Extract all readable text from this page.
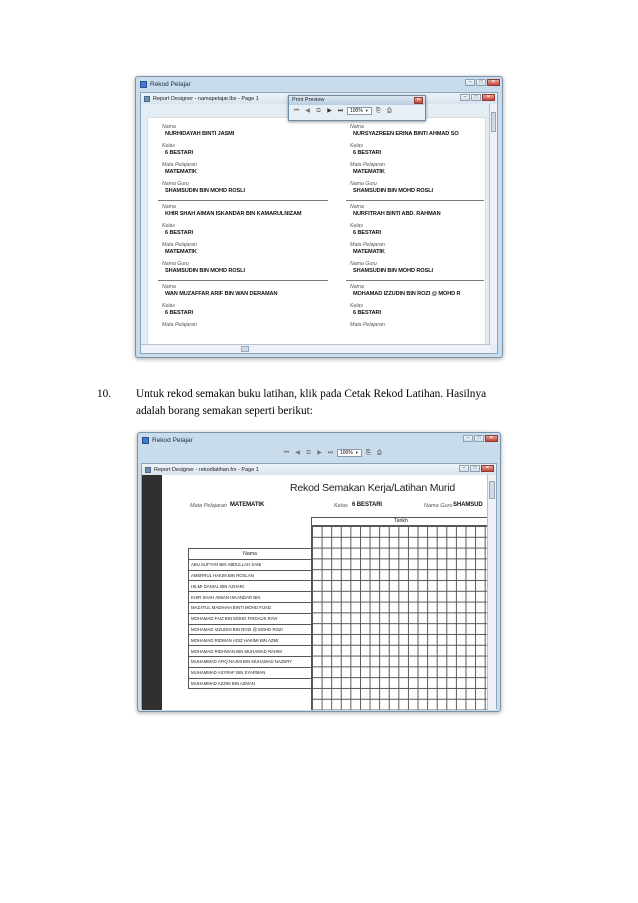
Rekod Pelajar	–	□	✕
Report Designer - namapelajar.lbx - Page 1	–	□	✕
Nama
NURHIDAYAH BINTI JASMI
Kelas
6 BESTARI
Mata Pelajaran
MATEMATIK
Nama Guru
SHAMSUDIN BIN MOHD ROSLI
Nama
NURSYAZREEN ERINA BINTI AHMAD SO
Kelas
6 BESTARI
Mata Pelajaran
MATEMATIK
Nama Guru
SHAMSUDIN BIN MOHD ROSLI
Nama
KHIR SHAH AIMAN ISKANDAR BIN KAMARULNIZAM
Kelas
6 BESTARI
Mata Pelajaran
MATEMATIK
Nama Guru
SHAMSUDIN BIN MOHD ROSLI
Nama
NURFITRAH BINTI ABD. RAHMAN
Kelas
6 BESTARI
Mata Pelajaran
MATEMATIK
Nama Guru
SHAMSUDIN BIN MOHD ROSLI
Nama
WAN MUZAFFAR ARIF BIN WAN DERAMAN
Kelas
6 BESTARI
Mata Pelajaran
Nama
MOHAMAD IZZUDIN BIN ROZI @ MOHD R
Kelas
6 BESTARI
Mata Pelajaran
Print Preview	✕
⏮ ◀	⧉	▶ ⏭	100% ▼	⎘	⎙
10. Untuk rekod semakan buku latihan, klik pada Cetak Rekod Latihan. Hasilnya
adalah borang semakan seperti berikut:
Rekod Pelajar	–	□	✕
⏮ ◀	⧉	▶ ⏭	100% ▼	⎘	⎙
Report Designer - rekodlatihan.frx - Page 1	–	□	✕
Rekod Semakan Kerja/Latihan Murid
Mata Pelajaran MATEMATIK	Kelas 6 BESTARI	Nama Guru SHAMSUD
Tarikh
Nama
ABU SUFYAN BIN ABDULLAH SANI
AMERRUL HAKIM BIN ROSLAN
HILMI DANIAL BIN AZHARI
KHIR SHAH AIMAN ISKANDAR BIN
MAZATUL MADIHAH BINTI MOHD FUAD
MOHAMAD FAIZ BIN MOHD FIRDAUS RAVI
MOHAMAD IZZUDIN BIN ROZI @ MOHD ROZI
MOHAMAD RIDWAN ADIZ HAKIMI BIN AZMI
MOHAMAD RIDHWAN BIN MUHAMAD RAHIM
MUHAMMAD AFIQ NAJMI BIN MUHAMAD NAZERY
MUHAMMAD ASYRAF BIN SYARMAN
MUHAMMAD AZZIM BIN AZMAN
